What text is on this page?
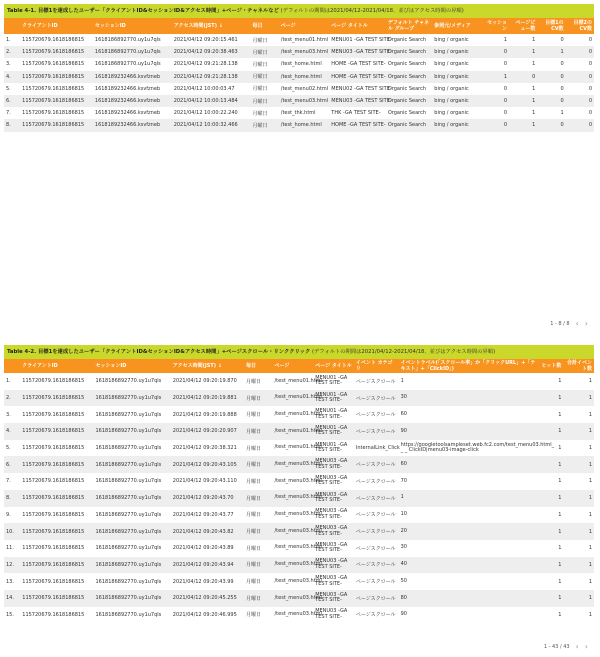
Table 4-1. 目標1を達成したユーザー「クライアントID&セッションID&アクセス時間」+ページ・チャネルなど (デフォルトの期間は2021/04/12-2021/04/18、並びはアクセス時間の昇順)
	クライアントID	セッションID	アクセス時間(JST) ↓	毎日	ページ	ページ タイトル	デフォルト チャネル グループ	参照元/メディア	セッション	ページビュー数	目標1の CV数	目標2の CV数
1.	115720679.1618186815	1618186892770.uy1u7qls	2021/04/12 09:20:15.461	月曜日	/test_menu01.html	MENU01 -GA TEST SITE-	Organic Search	bing / organic	1	1	0	0
2.	115720679.1618186815	1618186892770.uy1u7qls	2021/04/12 09:20:38.463	月曜日	/test_menu03.html	MENU03 -GA TEST SITE-	Organic Search	bing / organic	0	1	1	0
3.	115720679.1618186815	1618186892770.uy1u7qls	2021/04/12 09:21:28.138	月曜日	/test_home.html	HOME -GA TEST SITE-	Organic Search	bing / organic	0	1	0	0
4.	115720679.1618186815	1618189232466.ksvfzneb	2021/04/12 09:21:28.138	月曜日	/test_home.html	HOME -GA TEST SITE-	Organic Search	bing / organic	1	0	0	0
5.	115720679.1618186815	1618189232466.ksvfzneb	2021/04/12 10:00:03.47	月曜日	/test_menu02.html	MENU02 -GA TEST SITE-	Organic Search	bing / organic	0	1	0	0
6.	115720679.1618186815	1618189232466.ksvfzneb	2021/04/12 10:00:13.484	月曜日	/test_menu03.html	MENU03 -GA TEST SITE-	Organic Search	bing / organic	0	1	0	0
7.	115720679.1618186815	1618189232466.ksvfzneb	2021/04/12 10:00:22.240	月曜日	/test_thk.html	THK -GA TEST SITE-	Organic Search	bing / organic	0	1	1	0
8.	115720679.1618186815	1618189232466.ksvfzneb	2021/04/12 10:00:32.466	月曜日	/test_home.html	HOME -GA TEST SITE-	Organic Search	bing / organic	0	1	0	0
1 - 8 / 8 ‹ ›
Table 4-2. 目標1を達成したユーザー「クライアントID&セッションID&アクセス時間」+ページスクロール・リンククリック (デフォルトの期間は2021/04/12-2021/04/18、並びはアクセス時間の昇順)
	クライアントID	セッションID	アクセス時間(JST) ↓	毎日	ページ	ページ タイトル	イベント カテゴリ	イベントラベル(「スクロール率」か「クリックURL」+「テキスト」+「ClickID」)	ヒット数	合計イベント数
1.	115720679.1618186815	1618186892770.uy1u7qls	2021/04/12 09:20:19.870	月曜日	/test_menu01.html	MENU01 -GA TEST SITE-	ページスクロール	1	1	1
2.	115720679.1618186815	1618186892770.uy1u7qls	2021/04/12 09:20:19.881	月曜日	/test_menu01.html	MENU01 -GA TEST SITE-	ページスクロール	30	1	1
3.	115720679.1618186815	1618186892770.uy1u7qls	2021/04/12 09:20:19.888	月曜日	/test_menu01.html	MENU01 -GA TEST SITE-	ページスクロール	60	1	1
4.	115720679.1618186815	1618186892770.uy1u7qls	2021/04/12 09:20:20.907	月曜日	/test_menu01.html	MENU01 -GA TEST SITE-	ページスクロール	90	1	1
5.	115720679.1618186815	1618186892770.uy1u7qls	2021/04/12 09:20:38.321	月曜日	/test_menu01.html	MENU01 -GA TEST SITE-	InternalLink_Click	https://googletoolsampleset.web.fc2.com/test_menu03.html_ _ _ ClickID|menu03-image-click	1	1
6.	115720679.1618186815	1618186892770.uy1u7qls	2021/04/12 09:20:43.105	月曜日	/test_menu03.html	MENU03 -GA TEST SITE-	ページスクロール	60	1	1
7.	115720679.1618186815	1618186892770.uy1u7qls	2021/04/12 09:20:43.110	月曜日	/test_menu03.html	MENU03 -GA TEST SITE-	ページスクロール	70	1	1
8.	115720679.1618186815	1618186892770.uy1u7qls	2021/04/12 09:20:43.70	月曜日	/test_menu03.html	MENU03 -GA TEST SITE-	ページスクロール	1	1	1
9.	115720679.1618186815	1618186892770.uy1u7qls	2021/04/12 09:20:43.77	月曜日	/test_menu03.html	MENU03 -GA TEST SITE-	ページスクロール	10	1	1
10.	115720679.1618186815	1618186892770.uy1u7qls	2021/04/12 09:20:43.82	月曜日	/test_menu03.html	MENU03 -GA TEST SITE-	ページスクロール	20	1	1
11.	115720679.1618186815	1618186892770.uy1u7qls	2021/04/12 09:20:43.89	月曜日	/test_menu03.html	MENU03 -GA TEST SITE-	ページスクロール	30	1	1
12.	115720679.1618186815	1618186892770.uy1u7qls	2021/04/12 09:20:43.94	月曜日	/test_menu03.html	MENU03 -GA TEST SITE-	ページスクロール	40	1	1
13.	115720679.1618186815	1618186892770.uy1u7qls	2021/04/12 09:20:43.99	月曜日	/test_menu03.html	MENU03 -GA TEST SITE-	ページスクロール	50	1	1
14.	115720679.1618186815	1618186892770.uy1u7qls	2021/04/12 09:20:45.255	月曜日	/test_menu03.html	MENU03 -GA TEST SITE-	ページスクロール	80	1	1
15.	115720679.1618186815	1618186892770.uy1u7qls	2021/04/12 09:20:46.995	月曜日	/test_menu03.html	MENU03 -GA TEST SITE-	ページスクロール	90	1	1
1 - 43 / 43 ‹ ›
